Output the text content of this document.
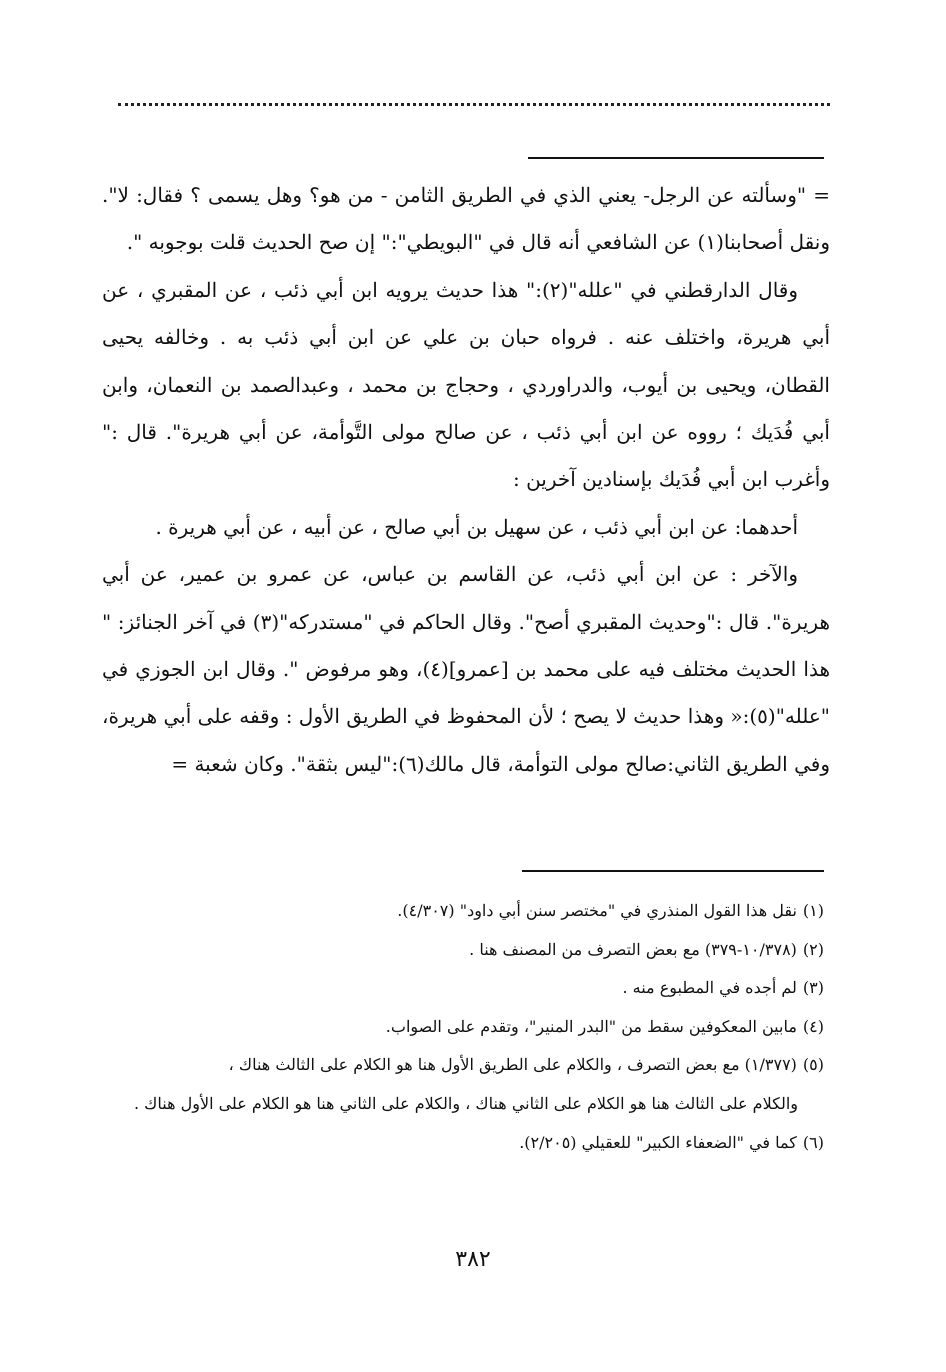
= "وسألته عن الرجل- يعني الذي في الطريق الثامن - من هو؟ وهل يسمى ؟ فقال: لا". ونقل أصحابنا(١) عن الشافعي أنه قال في "البويطي":" إن صح الحديث قلت بوجوبه ".

وقال الدارقطني في "علله"(٢):" هذا حديث يرويه ابن أبي ذئب ، عن المقبري ، عن أبي هريرة، واختلف عنه . فرواه حبان بن علي عن ابن أبي ذئب به . وخالفه يحيى القطان، ويحيى بن أيوب، والدراوردي ، وحجاج بن محمد ، وعبدالصمد بن النعمان، وابن أبي فُدَيك ؛ رووه عن ابن أبي ذئب ، عن صالح مولى التَّوأمة، عن أبي هريرة". قال :" وأغرب ابن أبي فُدَيك بإسنادين آخرين :

أحدهما: عن ابن أبي ذئب ، عن سهيل بن أبي صالح ، عن أبيه ، عن أبي هريرة .

والآخر : عن ابن أبي ذئب، عن القاسم بن عباس، عن عمرو بن عمير، عن أبي هريرة". قال :"وحديث المقبري أصح". وقال الحاكم في "مستدركه"(٣) في آخر الجنائز: " هذا الحديث مختلف فيه على محمد بن [عمرو](٤)، وهو مرفوض ". وقال ابن الجوزي في "علله"(٥):« وهذا حديث لا يصح ؛ لأن المحفوظ في الطريق الأول : وقفه على أبي هريرة، وفي الطريق الثاني:صالح مولى التوأمة، قال مالك(٦):"ليس بثقة". وكان شعبة =

(١)نقل هذا القول المنذري في "مختصر سنن أبي داود" (٤/٣٠٧).

(٢)(١٠/٣٧٨-٣٧٩) مع بعض التصرف من المصنف هنا .

(٣)لم أجده في المطبوع منه .

(٤)مابين المعكوفين سقط من "البدر المنير"، وتقدم على الصواب.

(٥)(١/٣٧٧) مع بعض التصرف ، والكلام على الطريق الأول هنا هو الكلام على الثالث هناك ،

والكلام على الثالث هنا هو الكلام على الثاني هناك ، والكلام على الثاني هنا هو الكلام على الأول هناك .

(٦)كما في "الضعفاء الكبير" للعقيلي (٢/٢٠٥).

٣٨٢
